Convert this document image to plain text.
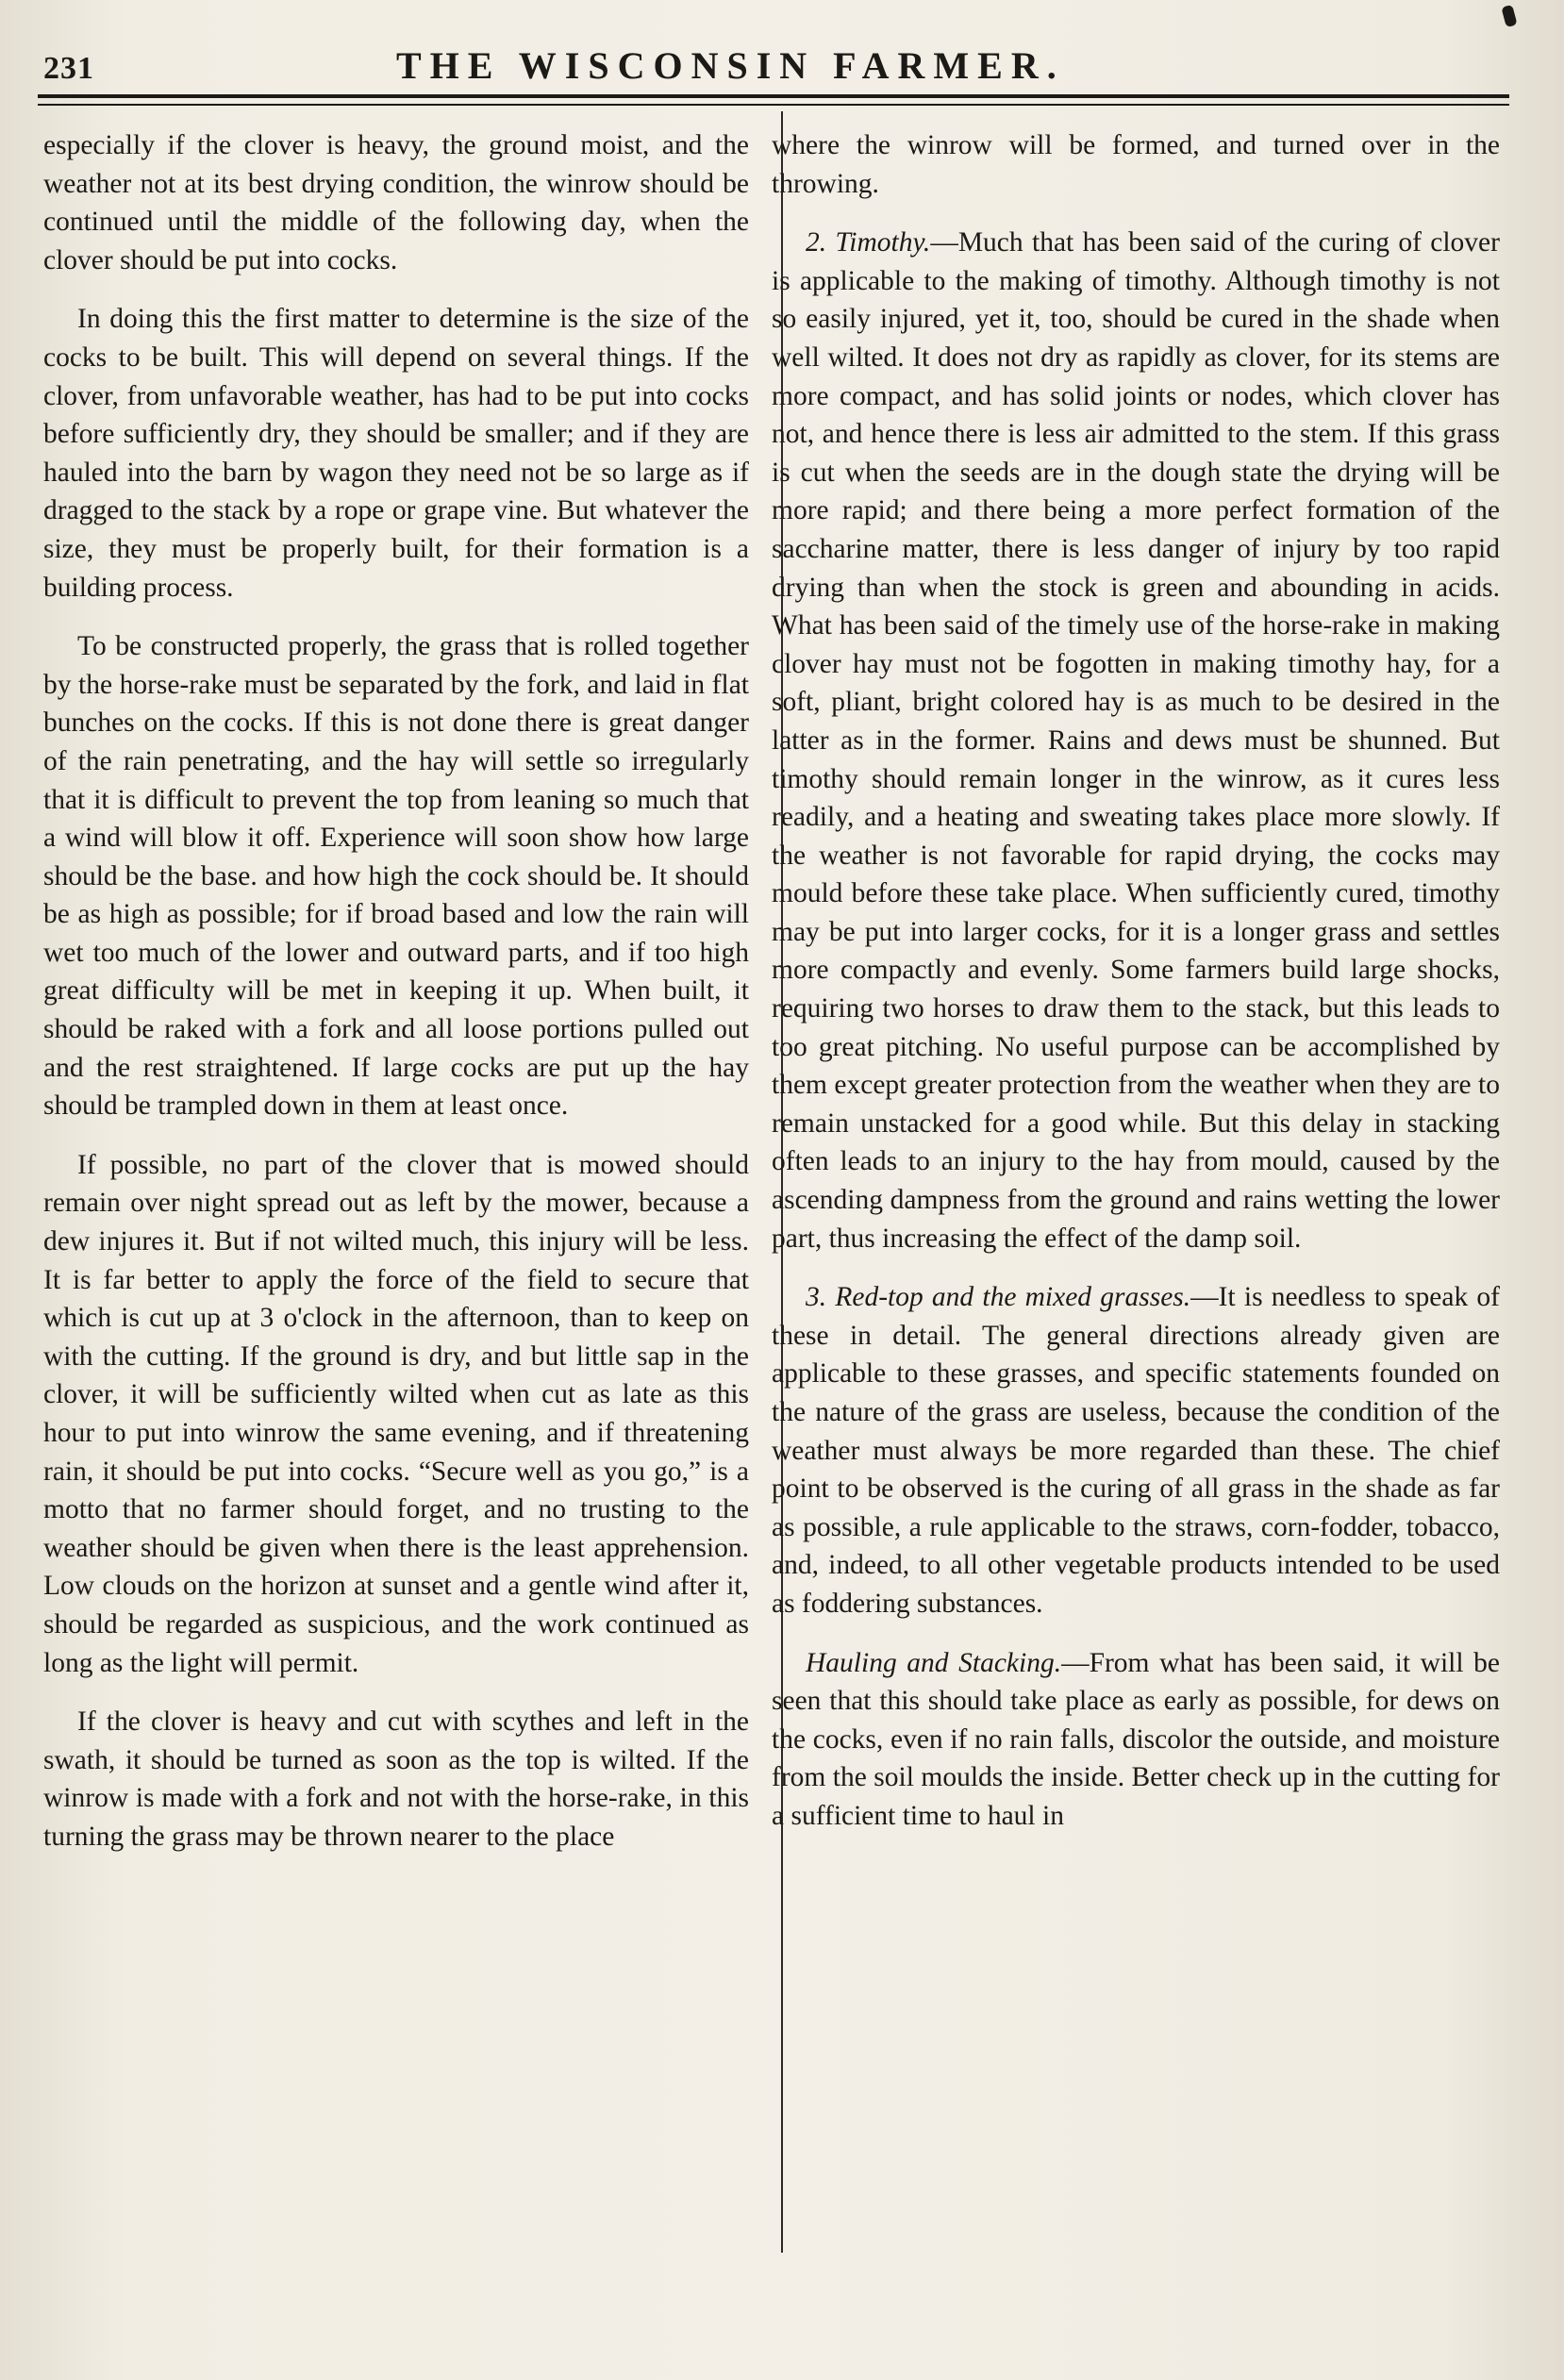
231	THE WISCONSIN FARMER.

especially if the clover is heavy, the ground moist, and the weather not at its best drying condition, the winrow should be continued until the middle of the following day, when the clover should be put into cocks.

In doing this the first matter to determine is the size of the cocks to be built. This will depend on several things. If the clover, from unfavorable weather, has had to be put into cocks before sufficiently dry, they should be smaller; and if they are hauled into the barn by wagon they need not be so large as if dragged to the stack by a rope or grape vine. But whatever the size, they must be properly built, for their formation is a building process.

To be constructed properly, the grass that is rolled together by the horse-rake must be separated by the fork, and laid in flat bunches on the cocks. If this is not done there is great danger of the rain penetrating, and the hay will settle so irregularly that it is difficult to prevent the top from leaning so much that a wind will blow it off. Experience will soon show how large should be the base. and how high the cock should be. It should be as high as possible; for if broad based and low the rain will wet too much of the lower and outward parts, and if too high great difficulty will be met in keeping it up. When built, it should be raked with a fork and all loose portions pulled out and the rest straightened. If large cocks are put up the hay should be trampled down in them at least once.

If possible, no part of the clover that is mowed should remain over night spread out as left by the mower, because a dew injures it. But if not wilted much, this injury will be less. It is far better to apply the force of the field to secure that which is cut up at 3 o'clock in the afternoon, than to keep on with the cutting. If the ground is dry, and but little sap in the clover, it will be sufficiently wilted when cut as late as this hour to put into winrow the same evening, and if threatening rain, it should be put into cocks. “Secure well as you go,” is a motto that no farmer should forget, and no trusting to the weather should be given when there is the least apprehension. Low clouds on the horizon at sunset and a gentle wind after it, should be regarded as suspicious, and the work continued as long as the light will permit.

If the clover is heavy and cut with scythes and left in the swath, it should be turned as soon as the top is wilted. If the winrow is made with a fork and not with the horse-rake, in this turning the grass may be thrown nearer to the place

where the winrow will be formed, and turned over in the throwing.

2. Timothy.—Much that has been said of the curing of clover is applicable to the making of timothy. Although timothy is not so easily injured, yet it, too, should be cured in the shade when well wilted. It does not dry as rapidly as clover, for its stems are more compact, and has solid joints or nodes, which clover has not, and hence there is less air admitted to the stem. If this grass is cut when the seeds are in the dough state the drying will be more rapid; and there being a more perfect formation of the saccharine matter, there is less danger of injury by too rapid drying than when the stock is green and abounding in acids. What has been said of the timely use of the horse-rake in making clover hay must not be fogotten in making timothy hay, for a soft, pliant, bright colored hay is as much to be desired in the latter as in the former. Rains and dews must be shunned. But timothy should remain longer in the winrow, as it cures less readily, and a heating and sweating takes place more slowly. If the weather is not favorable for rapid drying, the cocks may mould before these take place. When sufficiently cured, timothy may be put into larger cocks, for it is a longer grass and settles more compactly and evenly. Some farmers build large shocks, requiring two horses to draw them to the stack, but this leads to too great pitching. No useful purpose can be accomplished by them except greater protection from the weather when they are to remain unstacked for a good while. But this delay in stacking often leads to an injury to the hay from mould, caused by the ascending dampness from the ground and rains wetting the lower part, thus increasing the effect of the damp soil.

3. Red-top and the mixed grasses.—It is needless to speak of these in detail. The general directions already given are applicable to these grasses, and specific statements founded on the nature of the grass are useless, because the condition of the weather must always be more regarded than these. The chief point to be observed is the curing of all grass in the shade as far as possible, a rule applicable to the straws, corn-fodder, tobacco, and, indeed, to all other vegetable products intended to be used as foddering substances.

Hauling and Stacking.—From what has been said, it will be seen that this should take place as early as possible, for dews on the cocks, even if no rain falls, discolor the outside, and moisture from the soil moulds the inside. Better check up in the cutting for a sufficient time to haul in
